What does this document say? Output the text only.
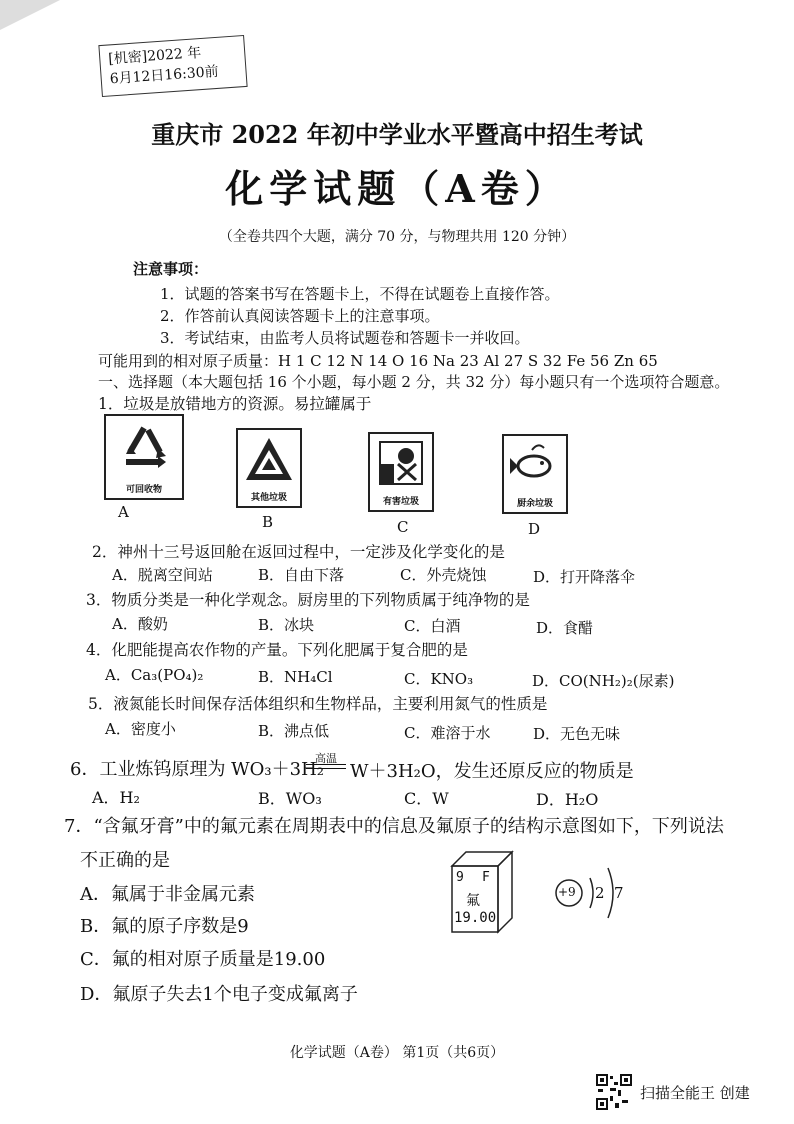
[机密]2022 年
6月12日16:30前
重庆市 2022 年初中学业水平暨高中招生考试
化学试题（A卷）
（全卷共四个大题，满分 70 分，与物理共用 120 分钟）
注意事项：
1．试题的答案书写在答题卡上，不得在试题卷上直接作答。
2．作答前认真阅读答题卡上的注意事项。
3．考试结束，由监考人员将试题卷和答题卡一并收回。
可能用到的相对原子质量：H 1 C 12 N 14 O 16 Na 23 Al 27 S 32 Fe 56 Zn 65
一、选择题（本大题包括 16 个小题，每小题 2 分，共 32 分）每小题只有一个选项符合题意。
1．垃圾是放错地方的资源。易拉罐属于
可回收物
A
其他垃圾
B
有害垃圾
C
厨余垃圾
D
2．神州十三号返回舱在返回过程中，一定涉及化学变化的是
A．脱离空间站	B．自由下落	C．外壳烧蚀	D．打开降落伞
3．物质分类是一种化学观念。厨房里的下列物质属于纯净物的是
A．酸奶	B．冰块	C．白酒	D．食醋
4．化肥能提高农作物的产量。下列化肥属于复合肥的是
A．Ca₃(PO₄)₂	B．NH₄Cl	C．KNO₃	D．CO(NH₂)₂(尿素)
5．液氮能长时间保存活体组织和生物样品，主要利用氮气的性质是
A．密度小	B．沸点低	C．难溶于水	D．无色无味
6．工业炼钨原理为 WO₃＋3H₂
高温
W＋3H₂O，发生还原反应的物质是
A．H₂	B．WO₃	C．W	D．H₂O
7．“含氟牙膏”中的氟元素在周期表中的信息及氟原子的结构示意图如下，下列说法
不正确的是
A．氟属于非金属元素
B．氟的原子序数是9
C．氟的相对原子质量是19.00
D．氟原子失去1个电子变成氟离子
9 F
氟
19.00
+9 2 7
化学试题（A卷） 第1页（共6页）
扫描全能王 创建
